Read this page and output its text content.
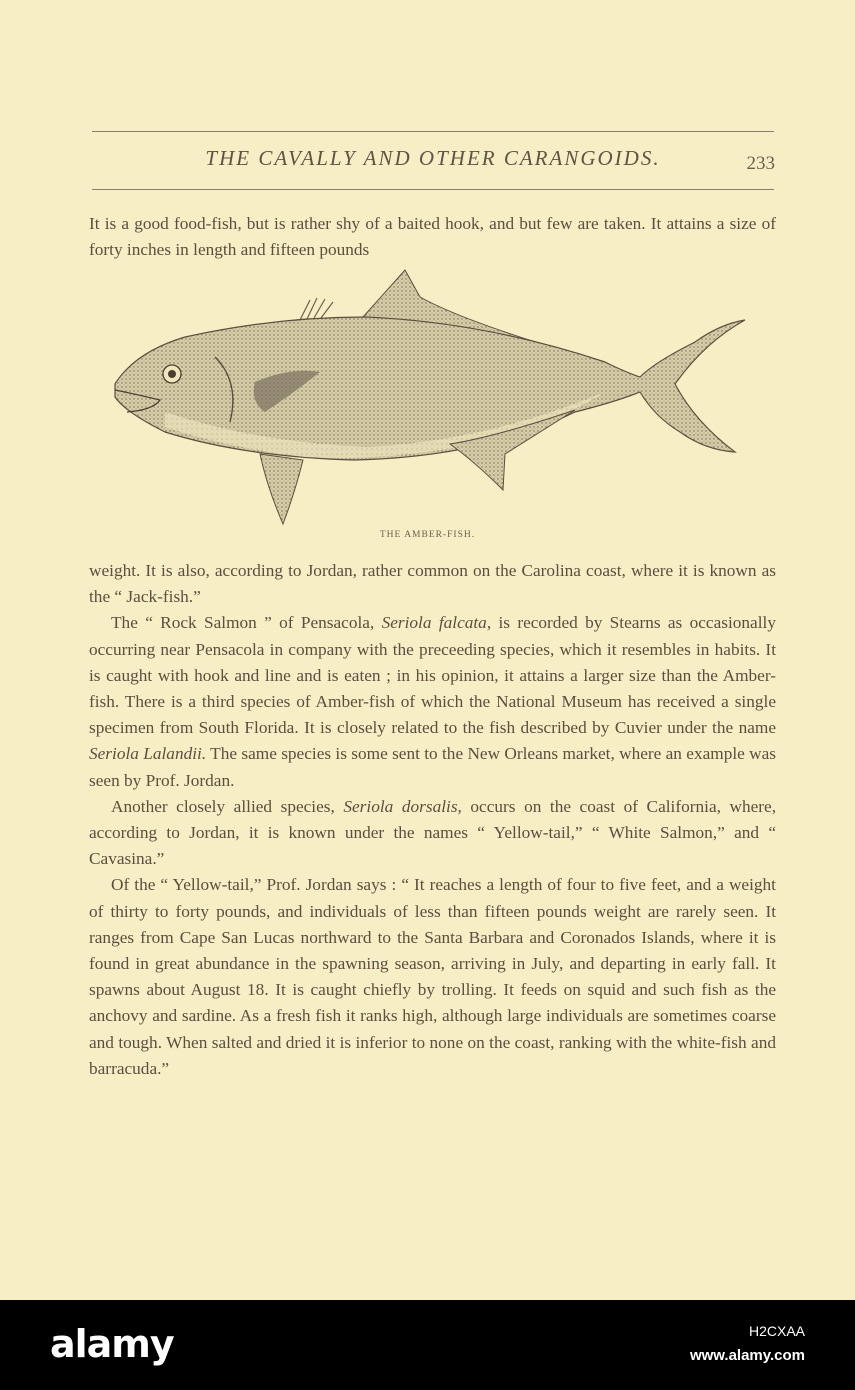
THE CAVALLY AND OTHER CARANGOIDS.	233

It is a good food-fish, but is rather shy of a baited hook, and but few are taken. It attains a size of forty inches in length and fifteen pounds

THE AMBER-FISH.

weight. It is also, according to Jordan, rather common on the Carolina coast, where it is known as the “ Jack-fish.”

The “ Rock Salmon ” of Pensacola, Seriola falcata, is recorded by Stearns as occasionally occurring near Pensacola in company with the preceeding species, which it resembles in habits. It is caught with hook and line and is eaten ; in his opinion, it attains a larger size than the Amber-fish. There is a third species of Amber-fish of which the National Museum has received a single specimen from South Florida. It is closely related to the fish described by Cuvier under the name Seriola Lalandii. The same species is some sent to the New Orleans market, where an example was seen by Prof. Jordan.

Another closely allied species, Seriola dorsalis, occurs on the coast of California, where, according to Jordan, it is known under the names “ Yellow-tail,” “ White Salmon,” and “ Cavasina.”

Of the “ Yellow-tail,” Prof. Jordan says : “ It reaches a length of four to five feet, and a weight of thirty to forty pounds, and individuals of less than fifteen pounds weight are rarely seen. It ranges from Cape San Lucas northward to the Santa Barbara and Coronados Islands, where it is found in great abundance in the spawning season, arriving in July, and departing in early fall. It spawns about August 18. It is caught chiefly by trolling. It feeds on squid and such fish as the anchovy and sardine. As a fresh fish it ranks high, although large individuals are sometimes coarse and tough. When salted and dried it is inferior to none on the coast, ranking with the white-fish and barracuda.”

alamy	H2CXAA
www.alamy.com
